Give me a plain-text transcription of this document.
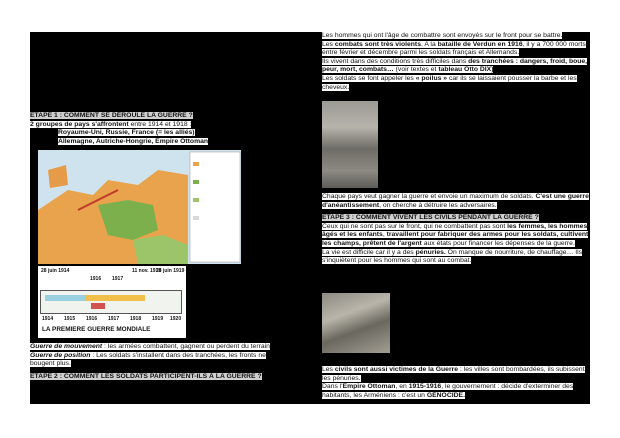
ETAPE 1 : COMMENT SE DÉROULE LA GUERRE ?

2 groupes de pays s'affrontent entre 1914 et 1918 :

Royaume-Uni, Russie, France (= les alliés)

Allemagne, Autriche-Hongrie, Empire Ottoman

28 juin 1914
1916 1917
11 nov. 1918
28 juin 1919
1914 1915 1916 1917 1918 1919 1920
LA PREMIERE GUERRE MONDIALE

Guerre de mouvement : les armées combattent, gagnent ou perdent du terrain

Guerre de position : Les soldats s'installent dans des tranchées, les fronts ne bougent plus.

ETAPE 2 : COMMENT LES SOLDATS PARTICIPENT-ILS À LA GUERRE ?

Les hommes qui ont l'âge de combattre sont envoyés sur le front pour se battre.

Les combats sont très violents. A la bataille de Verdun en 1916, il y a 700 000 morts entre février et décembre parmi les soldats français et Allemands.

Ils vivent dans des conditions très difficiles dans des tranchées : dangers, froid, boue, peur, mort, combats… (voir textes et tableau Otto DIX)

Les soldats se font appeler les « poilus » car ils se laissaient pousser la barbe et les cheveux.

Chaque pays veut gagner la guerre et envoie un maximum de soldats. C'est une guerre d'anéantissement, on cherche à détruire les adversaires.

ETAPE 3 : COMMENT VIVENT LES CIVILS PENDANT LA GUERRE ?

Ceux qui ne sont pas sur le front, qui ne combattent pas sont les femmes, les hommes âgés et les enfants, travaillent pour fabriquer des armes pour les soldats, cultivent les champs, prêtent de l'argent aux états pour financer les dépenses de la guerre.

La vie est difficile car il y a des pénuries. On manque de nourriture, de chauffage… Ils s'inquiètent pour les hommes qui sont au combat.

Les civils sont aussi victimes de la Guerre : les villes sont bombardées, ils subissent les pénuries.

Dans l'Empire Ottoman, en 1915-1916, le gouvernement : décide d'exterminer des habitants, les Arméniens : c'est un GÉNOCIDE.
